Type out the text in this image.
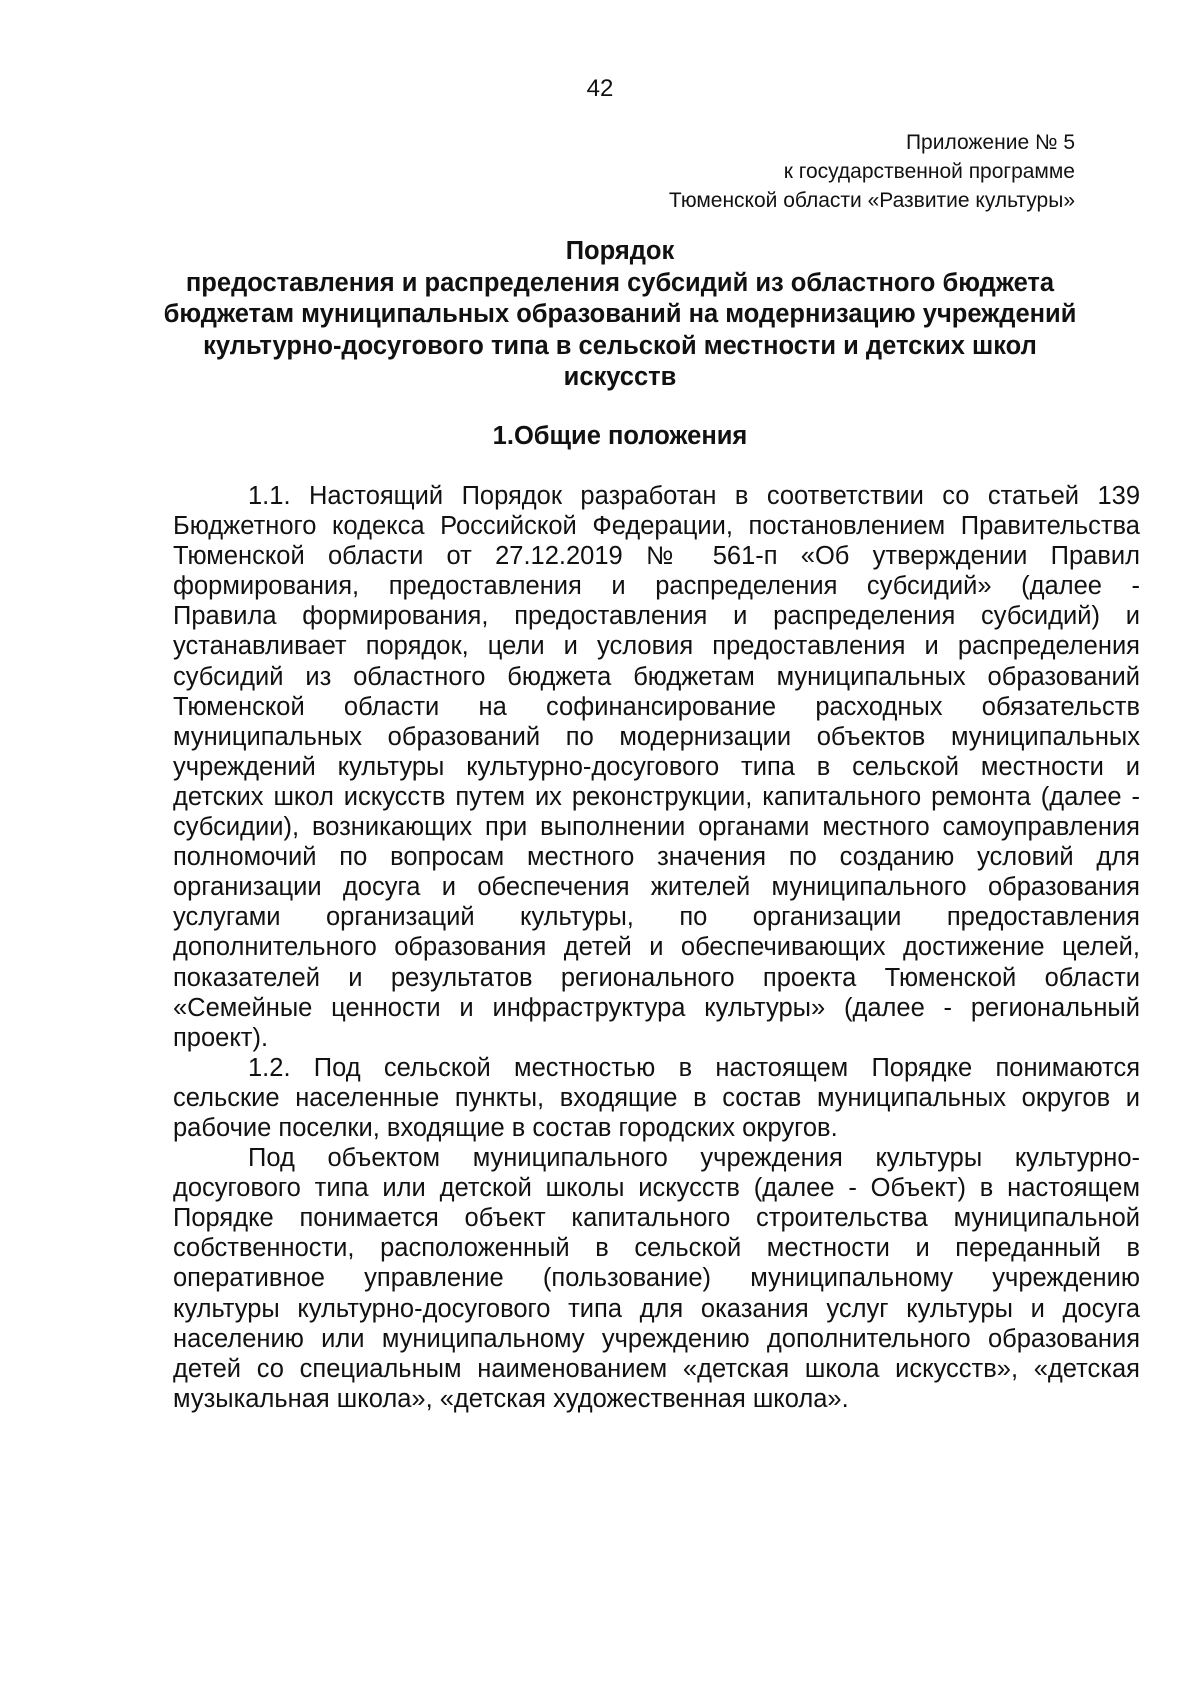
42
Приложение № 5
к государственной программе
Тюменской области «Развитие культуры»
Порядок
предоставления и распределения субсидий из областного бюджета
бюджетам муниципальных образований на модернизацию учреждений
культурно-досугового типа в сельской местности и детских школ
искусств
1.Общие положения
1.1. Настоящий Порядок разработан в соответствии со статьей 139
Бюджетного кодекса Российской Федерации, постановлением Правительства
Тюменской области от 27.12.2019 № 561-п «Об утверждении Правил
формирования, предоставления и распределения субсидий» (далее -
Правила формирования, предоставления и распределения субсидий) и
устанавливает порядок, цели и условия предоставления и распределения
субсидий из областного бюджета бюджетам муниципальных образований
Тюменской области на софинансирование расходных обязательств
муниципальных образований по модернизации объектов муниципальных
учреждений культуры культурно-досугового типа в сельской местности и
детских школ искусств путем их реконструкции, капитального ремонта (далее -
субсидии), возникающих при выполнении органами местного самоуправления
полномочий по вопросам местного значения по созданию условий для
организации досуга и обеспечения жителей муниципального образования
услугами организаций культуры, по организации предоставления
дополнительного образования детей и обеспечивающих достижение целей,
показателей и результатов регионального проекта Тюменской области
«Семейные ценности и инфраструктура культуры» (далее - региональный
проект).
1.2. Под сельской местностью в настоящем Порядке понимаются
сельские населенные пункты, входящие в состав муниципальных округов и
рабочие поселки, входящие в состав городских округов.
Под объектом муниципального учреждения культуры культурно-
досугового типа или детской школы искусств (далее - Объект) в настоящем
Порядке понимается объект капитального строительства муниципальной
собственности, расположенный в сельской местности и переданный в
оперативное управление (пользование) муниципальному учреждению
культуры культурно-досугового типа для оказания услуг культуры и досуга
населению или муниципальному учреждению дополнительного образования
детей со специальным наименованием «детская школа искусств», «детская
музыкальная школа», «детская художественная школа».
